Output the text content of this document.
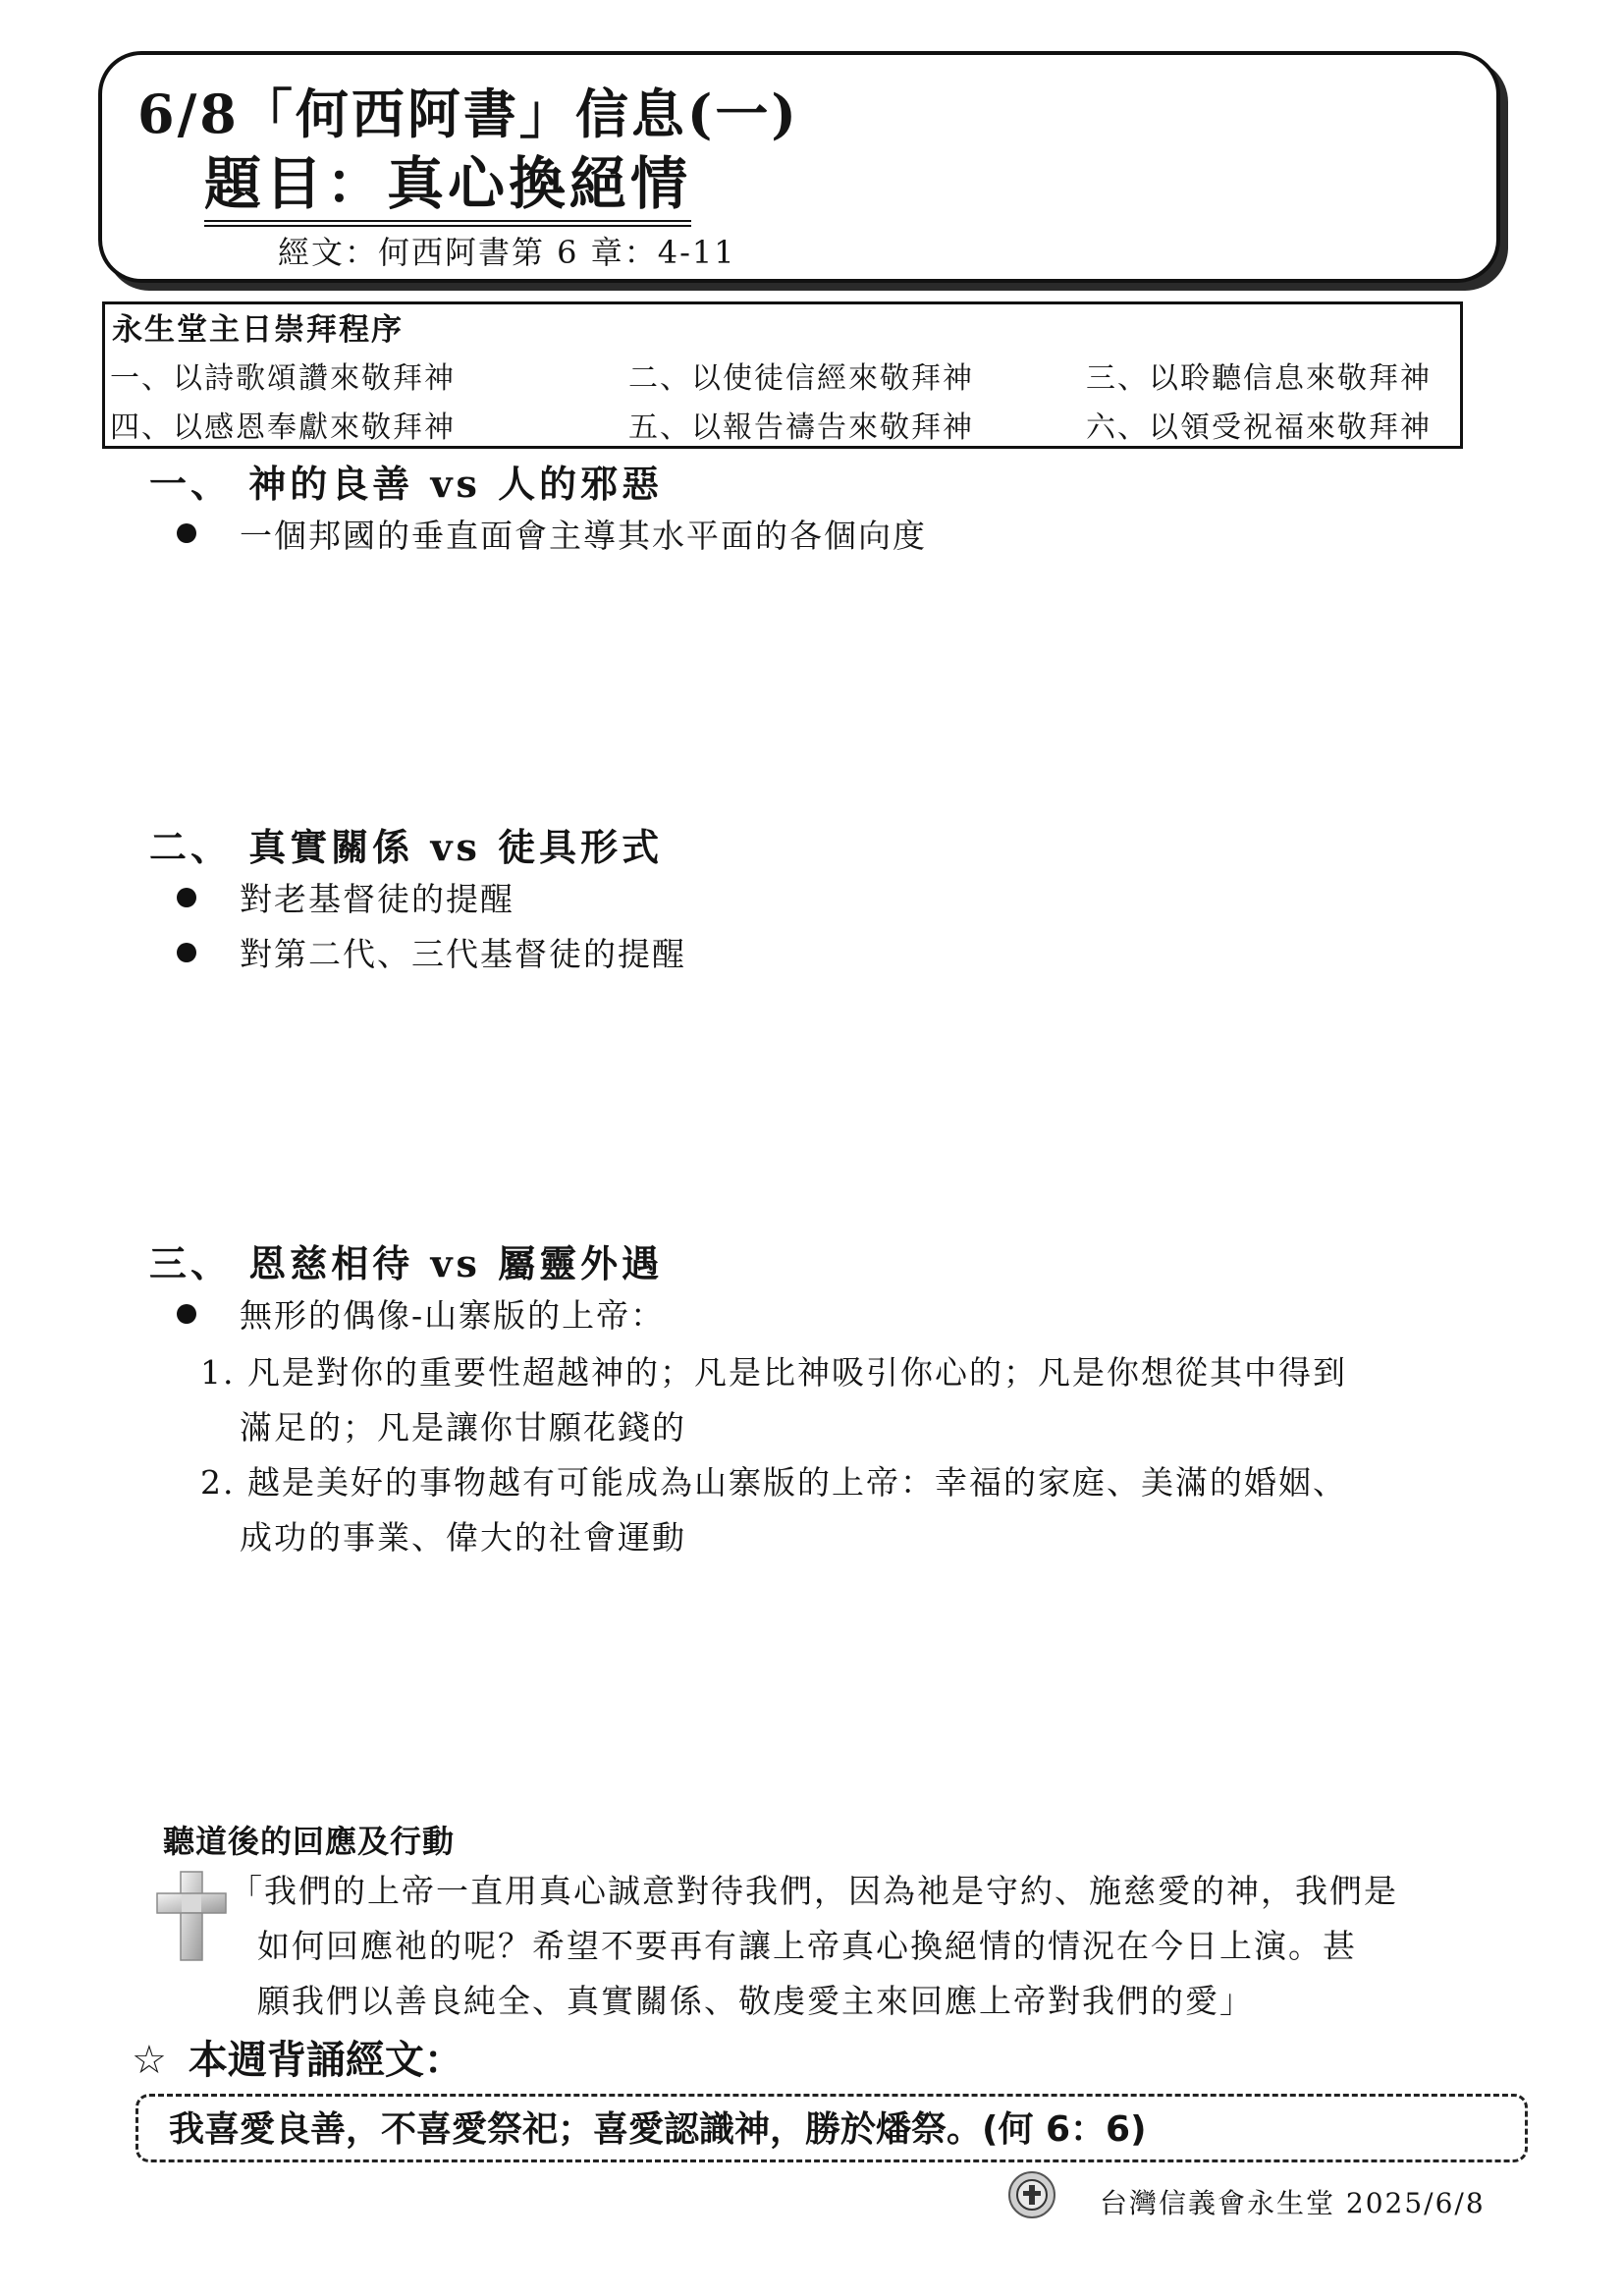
6/8「何西阿書」信息(一)
題目：真心換絕情
經文：何西阿書第 6 章：4-11
永生堂主日崇拜程序
一、以詩歌頌讚來敬拜神	二、以使徒信經來敬拜神	三、以聆聽信息來敬拜神
四、以感恩奉獻來敬拜神	五、以報告禱告來敬拜神	六、以領受祝福來敬拜神
一、 神的良善 vs 人的邪惡
一個邦國的垂直面會主導其水平面的各個向度
二、 真實關係 vs 徒具形式
對老基督徒的提醒
對第二代、三代基督徒的提醒
三、 恩慈相待 vs 屬靈外遇
無形的偶像-山寨版的上帝：
1. 凡是對你的重要性超越神的；凡是比神吸引你心的；凡是你想從其中得到
滿足的；凡是讓你甘願花錢的
2. 越是美好的事物越有可能成為山寨版的上帝：幸福的家庭、美滿的婚姻、
成功的事業、偉大的社會運動
聽道後的回應及行動
「我們的上帝一直用真心誠意對待我們，因為祂是守約、施慈愛的神，我們是
如何回應祂的呢？希望不要再有讓上帝真心換絕情的情況在今日上演。甚
願我們以善良純全、真實關係、敬虔愛主來回應上帝對我們的愛」
☆ 本週背誦經文：
我喜愛良善，不喜愛祭祀；喜愛認識神，勝於燔祭。(何 6：6)
台灣信義會永生堂 2025/6/8
